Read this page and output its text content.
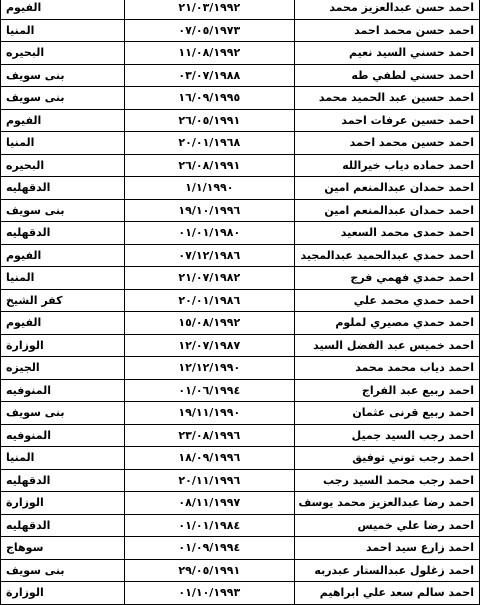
احمد حسن عبدالعزيز محمد	٢١/٠٣/١٩٩٢	الفيوم
احمد حسن محمد احمد	٠٧/٠٥/١٩٧٣	المنيا
احمد حسني السيد نعيم	١١/٠٨/١٩٩٢	البحيره
احمد حسني لطفي طه	٠٣/٠٧/١٩٨٨	بنى سويف
احمد حسين عبد الحميد محمد	١٦/٠٩/١٩٩٥	بنى سويف
احمد حسين عرفات احمد	٢٦/٠٥/١٩٩١	الفيوم
احمد حسين محمد احمد	٢٠/٠١/١٩٦٨	المنيا
احمد حماده دياب خيرالله	٢٦/٠٨/١٩٩١	البحيره
احمد حمدان عبدالمنعم امين	١/١/١٩٩٠	الدقهليه
احمد حمدان عبدالمنعم امين	١٩/١٠/١٩٩٦	بنى سويف
احمد حمدى محمد السعيد	٠١/٠١/١٩٨٠	الدقهليه
احمد حمدي عبدالحميد عبدالمجيد	٠٧/١٢/١٩٨٦	الفيوم
احمد حمدي فهمي فرج	٢١/٠٧/١٩٨٢	المنيا
احمد حمدي محمد علي	٢٠/٠١/١٩٨٦	كفر الشيخ
احمد حمدي مصيري لملوم	١٥/٠٨/١٩٩٢	الفيوم
احمد خميس عبد الفضل السيد	١٢/٠٧/١٩٨٧	الوزارة
احمد دياب محمد محمد	١٢/١٢/١٩٩٠	الجيزه
احمد ربيع عبد الفراج	٠١/٠٦/١٩٩٤	المنوفيه
احمد ربيع قرنى عثمان	١٩/١١/١٩٩٠	بنى سويف
احمد رجب السيد جميل	٢٣/٠٨/١٩٩٦	المنوفيه
احمد رجب توني توفيق	١٨/٠٩/١٩٩٦	المنيا
احمد رجب محمد السيد رجب	٢٠/١١/١٩٩٦	الدقهليه
احمد رضا عبدالعزيز محمد يوسف	٠٨/١١/١٩٩٧	الوزارة
احمد رضا علي خميس	٠١/٠١/١٩٨٤	الدقهليه
احمد زارع سيد احمد	٠١/٠٩/١٩٩٤	سوهاج
احمد زغلول عبدالستار عبدربه	٢٩/٠٥/١٩٩١	بنى سويف
احمد سالم سعد علي ابراهيم	٠١/١٠/١٩٩٣	الوزارة
